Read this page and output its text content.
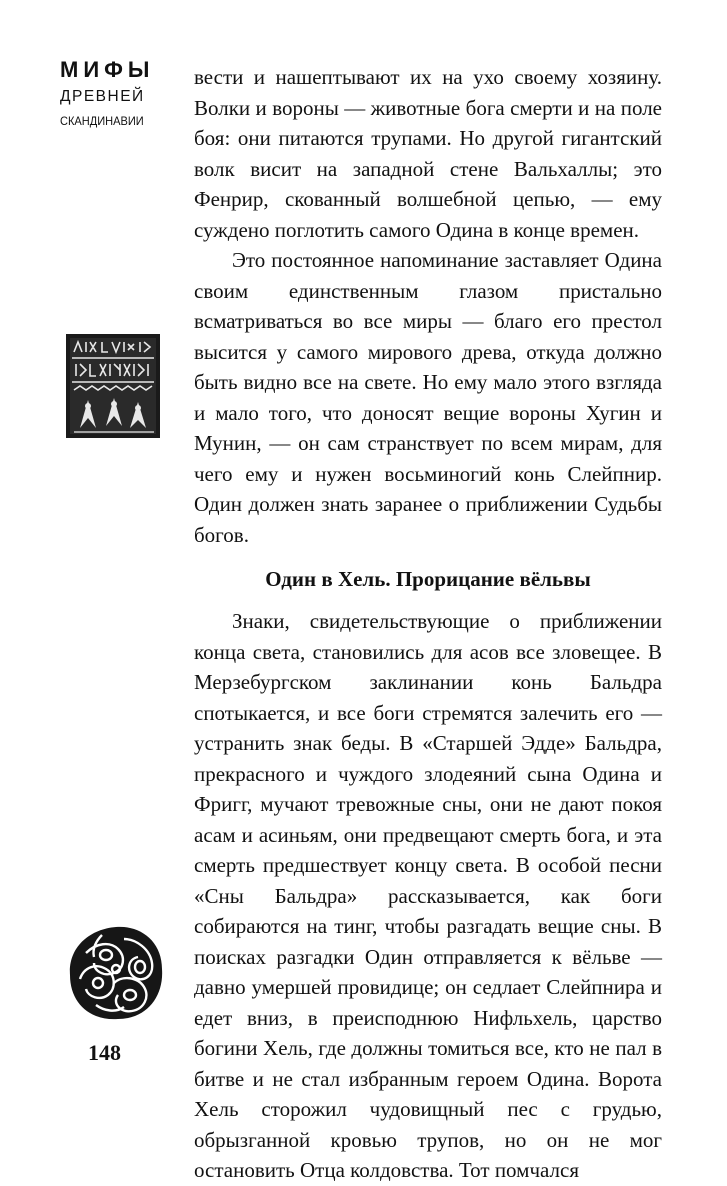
МИФЫ
ДРЕВНЕЙ
СКАНДИНАВИИ
148

вести и нашептывают их на ухо своему хозяину. Волки и вороны — животные бога смерти и на поле боя: они питаются трупами. Но другой гигантский волк висит на западной стене Вальхаллы; это Фенрир, скованный волшебной цепью, — ему суждено поглотить самого Одина в конце времен.

Это постоянное напоминание заставляет Одина своим единственным глазом пристально всматриваться во все миры — благо его престол высится у самого мирового древа, откуда должно быть видно все на свете. Но ему мало этого взгляда и мало того, что доносят вещие вороны Хугин и Мунин, — он сам странствует по всем мирам, для чего ему и нужен восьминогий конь Слейпнир. Один должен знать заранее о приближении Судьбы богов.

Один в Хель. Прорицание вёльвы

Знаки, свидетельствующие о приближении конца света, становились для асов все зловещее. В Мерзебургском заклинании конь Бальдра спотыкается, и все боги стремятся залечить его — устранить знак беды. В «Старшей Эдде» Бальдра, прекрасного и чуждого злодеяний сына Одина и Фригг, мучают тревожные сны, они не дают покоя асам и асиньям, они предвещают смерть бога, и эта смерть предшествует концу света. В особой песни «Сны Бальдра» рассказывается, как боги собираются на тинг, чтобы разгадать вещие сны. В поисках разгадки Один отправляется к вёльве — давно умершей провидице; он седлает Слейпнира и едет вниз, в преисподнюю Нифльхель, царство богини Хель, где должны томиться все, кто не пал в битве и не стал избранным героем Одина. Ворота Хель сторожил чудовищный пес с грудью, обрызганной кровью трупов, но он не мог остановить Отца колдовства. Тот помчался
